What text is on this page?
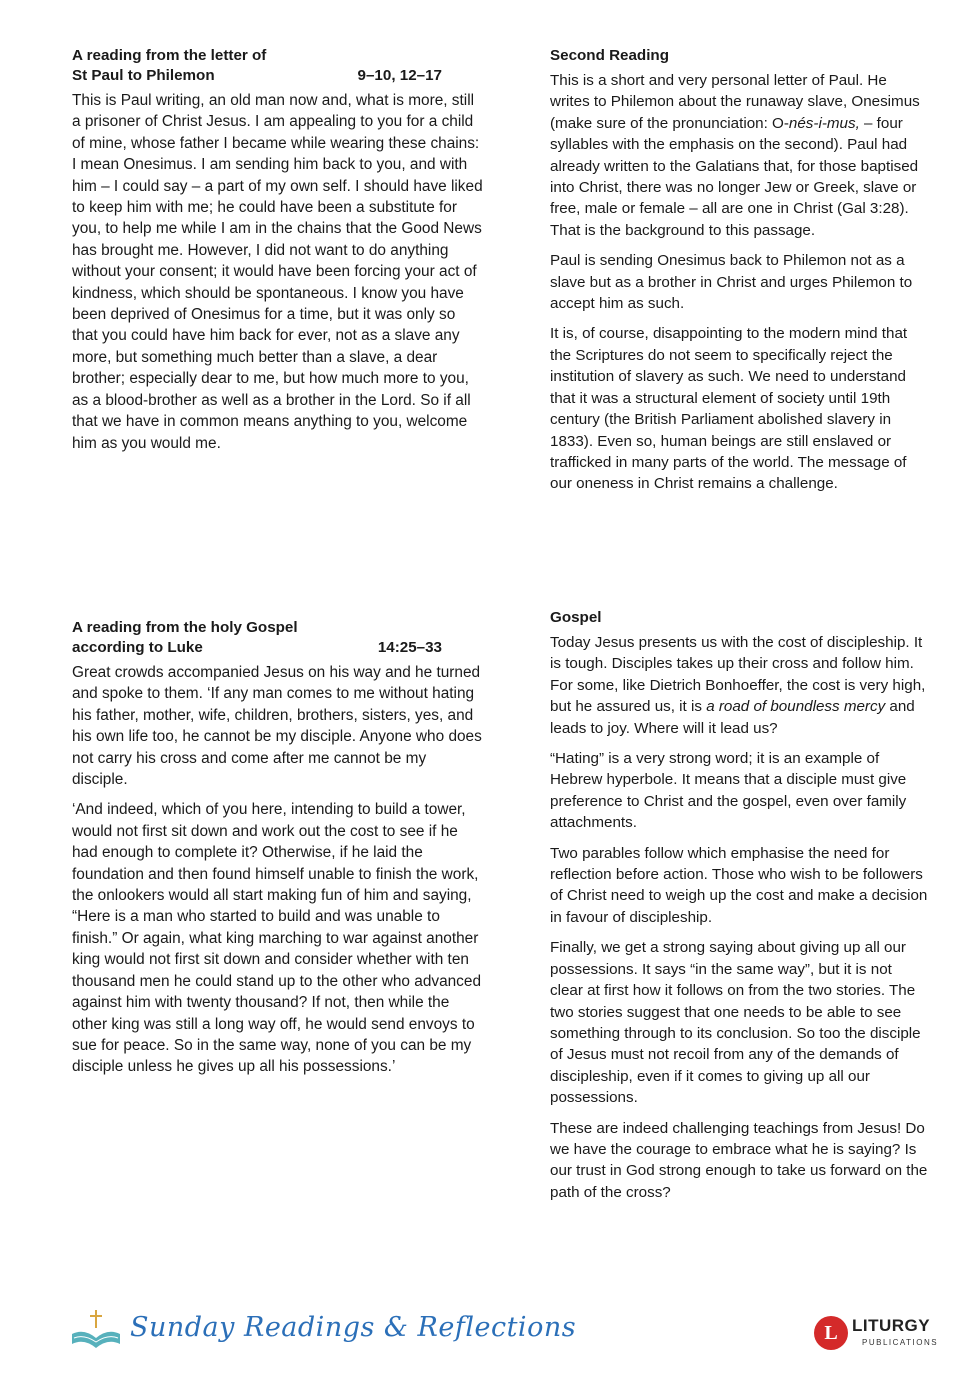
A reading from the letter of

St Paul to Philemon	9–10, 12–17

This is Paul writing, an old man now and, what is more, still a prisoner of Christ Jesus. I am appealing to you for a child of mine, whose father I became while wearing these chains: I mean Onesimus. I am sending him back to you, and with him – I could say – a part of my own self. I should have liked to keep him with me; he could have been a substitute for you, to help me while I am in the chains that the Good News has brought me. However, I did not want to do anything without your consent; it would have been forcing your act of kindness, which should be spontaneous. I know you have been deprived of Onesimus for a time, but it was only so that you could have him back for ever, not as a slave any more, but something much better than a slave, a dear brother; especially dear to me, but how much more to you, as a blood-brother as well as a brother in the Lord. So if all that we have in common means anything to you, welcome him as you would me.

A reading from the holy Gospel

according to Luke	14:25–33

Great crowds accompanied Jesus on his way and he turned and spoke to them. ‘If any man comes to me without hating his father, mother, wife, children, brothers, sisters, yes, and his own life too, he cannot be my disciple. Anyone who does not carry his cross and come after me cannot be my disciple.

‘And indeed, which of you here, intending to build a tower, would not first sit down and work out the cost to see if he had enough to complete it? Otherwise, if he laid the foundation and then found himself unable to finish the work, the onlookers would all start making fun of him and saying, “Here is a man who started to build and was unable to finish.” Or again, what king marching to war against another king would not first sit down and consider whether with ten thousand men he could stand up to the other who advanced against him with twenty thousand? If not, then while the other king was still a long way off, he would send envoys to sue for peace. So in the same way, none of you can be my disciple unless he gives up all his possessions.’

Second Reading

This is a short and very personal letter of Paul. He writes to Philemon about the runaway slave, Onesimus (make sure of the pronunciation: O-nés-i-mus, – four syllables with the emphasis on the second). Paul had already written to the Galatians that, for those baptised into Christ, there was no longer Jew or Greek, slave or free, male or female – all are one in Christ (Gal 3:28). That is the background to this passage.

Paul is sending Onesimus back to Philemon not as a slave but as a brother in Christ and urges Philemon to accept him as such.

It is, of course, disappointing to the modern mind that the Scriptures do not seem to specifically reject the institution of slavery as such. We need to understand that it was a structural element of society until 19th century (the British Parliament abolished slavery in 1833). Even so, human beings are still enslaved or trafficked in many parts of the world. The message of our oneness in Christ remains a challenge.

Gospel

Today Jesus presents us with the cost of discipleship. It is tough. Disciples takes up their cross and follow him. For some, like Dietrich Bonhoeffer, the cost is very high, but he assured us, it is a road of boundless mercy and leads to joy. Where will it lead us?

“Hating” is a very strong word; it is an example of Hebrew hyperbole. It means that a disciple must give preference to Christ and the gospel, even over family attachments.

Two parables follow which emphasise the need for reflection before action. Those who wish to be followers of Christ need to weigh up the cost and make a decision in favour of discipleship.

Finally, we get a strong saying about giving up all our possessions. It says “in the same way”, but it is not clear at first how it follows on from the two stories. The two stories suggest that one needs to be able to see something through to its conclusion. So too the disciple of Jesus must not recoil from any of the demands of discipleship, even if it comes to giving up all our possessions.

These are indeed challenging teachings from Jesus! Do we have the courage to embrace what he is saying? Is our trust in God strong enough to take us forward on the path of the cross?

Sunday Readings & Reflections	L LITURGY
PUBLICATIONS
